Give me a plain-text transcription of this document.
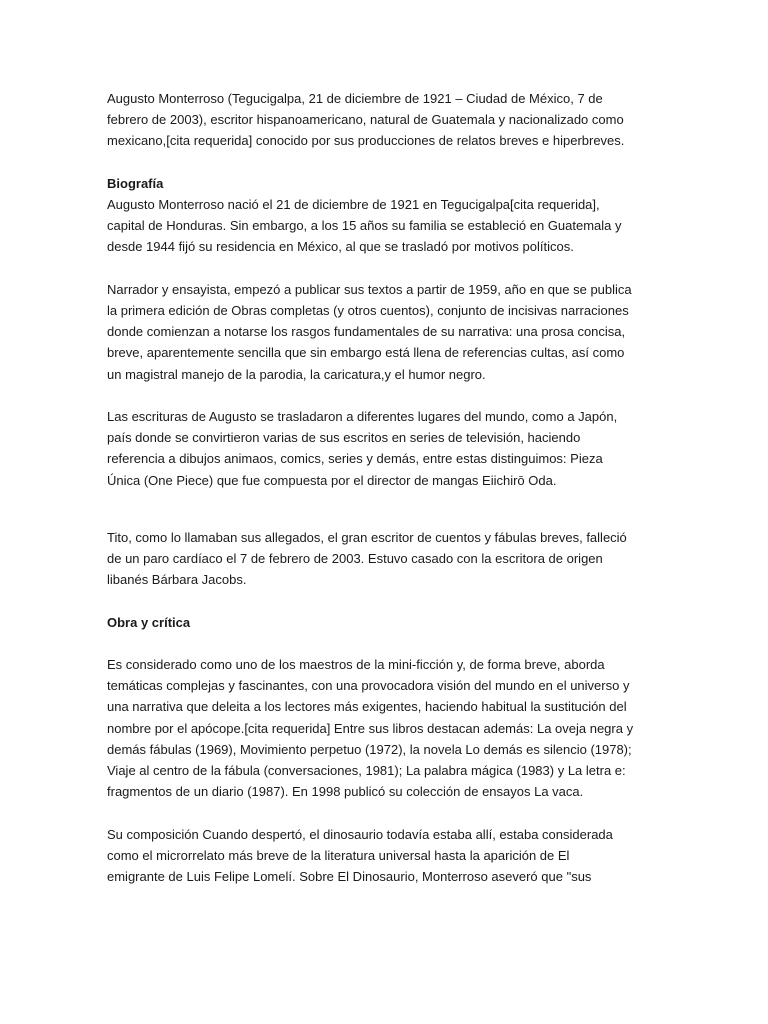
Augusto Monterroso (Tegucigalpa, 21 de diciembre de 1921 – Ciudad de México, 7 de
febrero de 2003), escritor hispanoamericano, natural de Guatemala y nacionalizado como
mexicano,[cita requerida] conocido por sus producciones de relatos breves e hiperbreves.

Biografía

Augusto Monterroso nació el 21 de diciembre de 1921 en Tegucigalpa[cita requerida],
capital de Honduras. Sin embargo, a los 15 años su familia se estableció en Guatemala y
desde 1944 fijó su residencia en México, al que se trasladó por motivos políticos.

Narrador y ensayista, empezó a publicar sus textos a partir de 1959, año en que se publica
la primera edición de Obras completas (y otros cuentos), conjunto de incisivas narraciones
donde comienzan a notarse los rasgos fundamentales de su narrativa: una prosa concisa,
breve, aparentemente sencilla que sin embargo está llena de referencias cultas, así como
un magistral manejo de la parodia, la caricatura,y el humor negro.

Las escrituras de Augusto se trasladaron a diferentes lugares del mundo, como a Japón,
país donde se convirtieron varias de sus escritos en series de televisión, haciendo
referencia a dibujos animaos, comics, series y demás, entre estas distinguimos: Pieza
Única (One Piece) que fue compuesta por el director de mangas Eiichirō Oda.

Tito, como lo llamaban sus allegados, el gran escritor de cuentos y fábulas breves, falleció
de un paro cardíaco el 7 de febrero de 2003. Estuvo casado con la escritora de origen
libanés Bárbara Jacobs.

Obra y crítica

Es considerado como uno de los maestros de la mini-ficción y, de forma breve, aborda
temáticas complejas y fascinantes, con una provocadora visión del mundo en el universo y
una narrativa que deleita a los lectores más exigentes, haciendo habitual la sustitución del
nombre por el apócope.[cita requerida] Entre sus libros destacan además: La oveja negra y
demás fábulas (1969), Movimiento perpetuo (1972), la novela Lo demás es silencio (1978);
Viaje al centro de la fábula (conversaciones, 1981); La palabra mágica (1983) y La letra e:
fragmentos de un diario (1987). En 1998 publicó su colección de ensayos La vaca.

Su composición Cuando despertó, el dinosaurio todavía estaba allí, estaba considerada
como el microrrelato más breve de la literatura universal hasta la aparición de El
emigrante de Luis Felipe Lomelí. Sobre El Dinosaurio, Monterroso aseveró que "sus
